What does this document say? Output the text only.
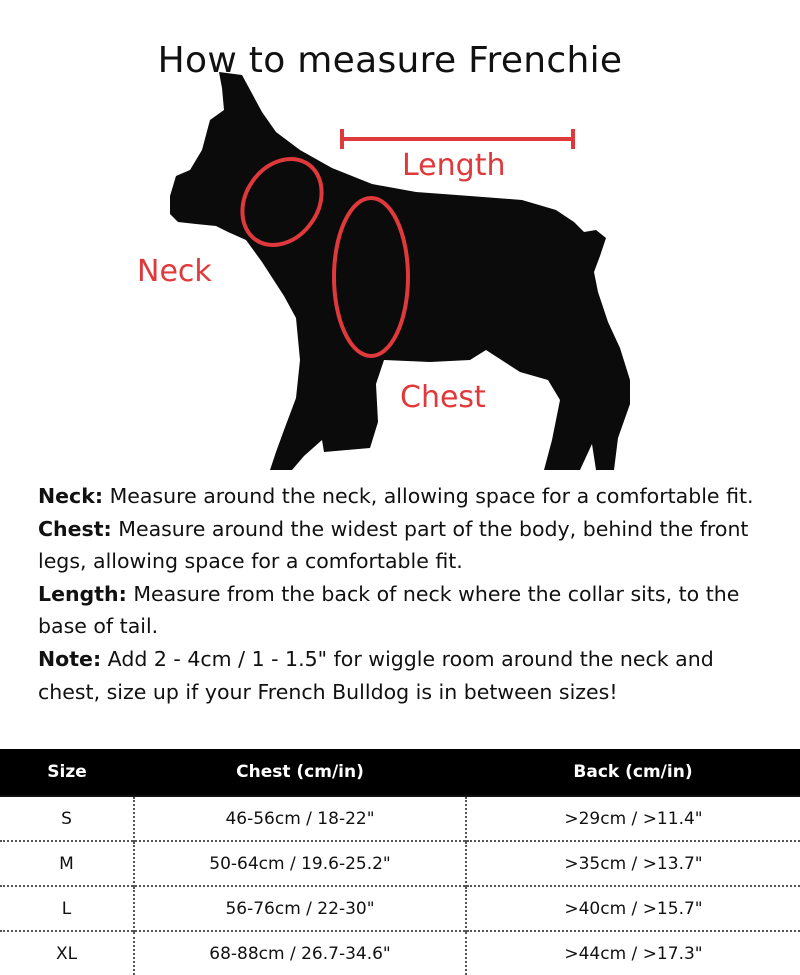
How to measure Frenchie
Length
Neck
Chest

Neck: Measure around the neck, allowing space for a comfortable fit.

Chest: Measure around the widest part of the body, behind the front legs, allowing space for a comfortable fit.

Length: Measure from the back of neck where the collar sits, to the base of tail.

Note: Add 2 - 4cm / 1 - 1.5" for wiggle room around the neck and chest, size up if your French Bulldog is in between sizes!

Size	Chest (cm/in)	Back (cm/in)
S	46-56cm / 18-22"	>29cm / >11.4"
M	50-64cm / 19.6-25.2"	>35cm / >13.7"
L	56-76cm / 22-30"	>40cm / >15.7"
XL	68-88cm / 26.7-34.6"	>44cm / >17.3"
